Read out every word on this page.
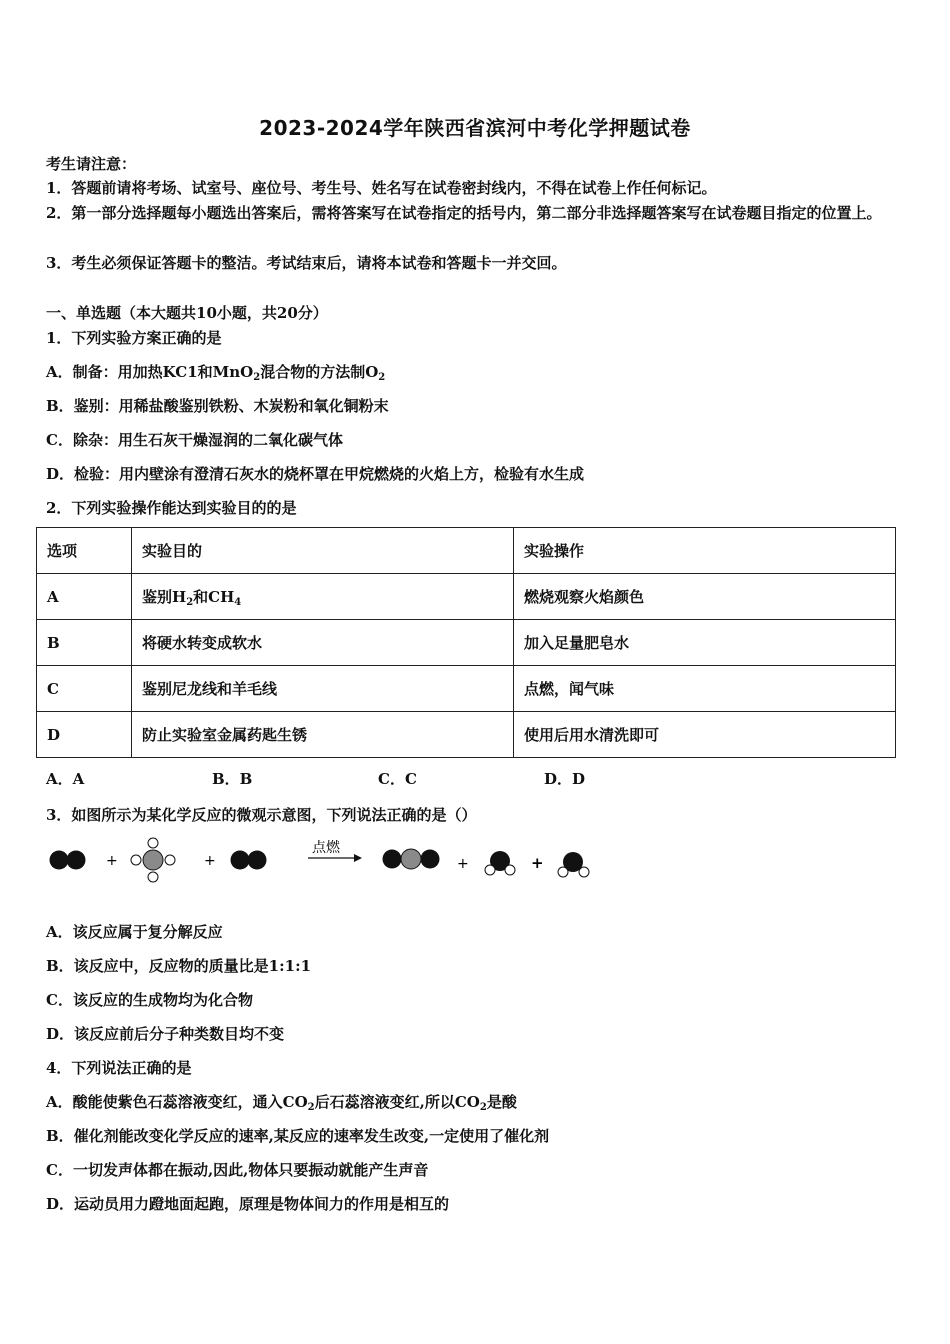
2023-2024学年陕西省滨河中考化学押题试卷
考生请注意：
1．答题前请将考场、试室号、座位号、考生号、姓名写在试卷密封线内，不得在试卷上作任何标记。
2．第一部分选择题每小题选出答案后，需将答案写在试卷指定的括号内，第二部分非选择题答案写在试卷题目指定的位置上。
3．考生必须保证答题卡的整洁。考试结束后，请将本试卷和答题卡一并交回。
一、单选题（本大题共10小题，共20分）
1．下列实验方案正确的是
A．制备：用加热KC1和MnO$_2$混合物的方法制$O_2$
B．鉴别：用稀盐酸鉴别铁粉、木炭粉和氧化铜粉末
C．除杂：用生石灰干燥湿润的二氧化碳气体
D．检验：用内壁涂有澄清石灰水的烧杯罩在甲烷燃烧的火焰上方，检验有水生成
2．下列实验操作能达到实验目的的是
选项	实验目的	实验操作
A	鉴别$H_2$和$CH_4$	燃烧观察火焰颜色
B	将硬水转变成软水	加入足量肥皂水
C	鉴别尼龙线和羊毛线	点燃，闻气味
D	防止实验室金属药匙生锈	使用后用水清洗即可
A．A	B．B	C．C	D．D
3．如图所示为某化学反应的微观示意图，下列说法正确的是（）
+	+
点燃
+	+
A．该反应属于复分解反应
B．该反应中，反应物的质量比是1:1:1
C．该反应的生成物均为化合物
D．该反应前后分子种类数目均不变
4．下列说法正确的是
A．酸能使紫色石蕊溶液变红，通入$CO_2$后石蕊溶液变红,所以$CO_2$是酸
B．催化剂能改变化学反应的速率,某反应的速率发生改变,一定使用了催化剂
C．一切发声体都在振动,因此,物体只要振动就能产生声音
D．运动员用力蹬地面起跑，原理是物体间力的作用是相互的
